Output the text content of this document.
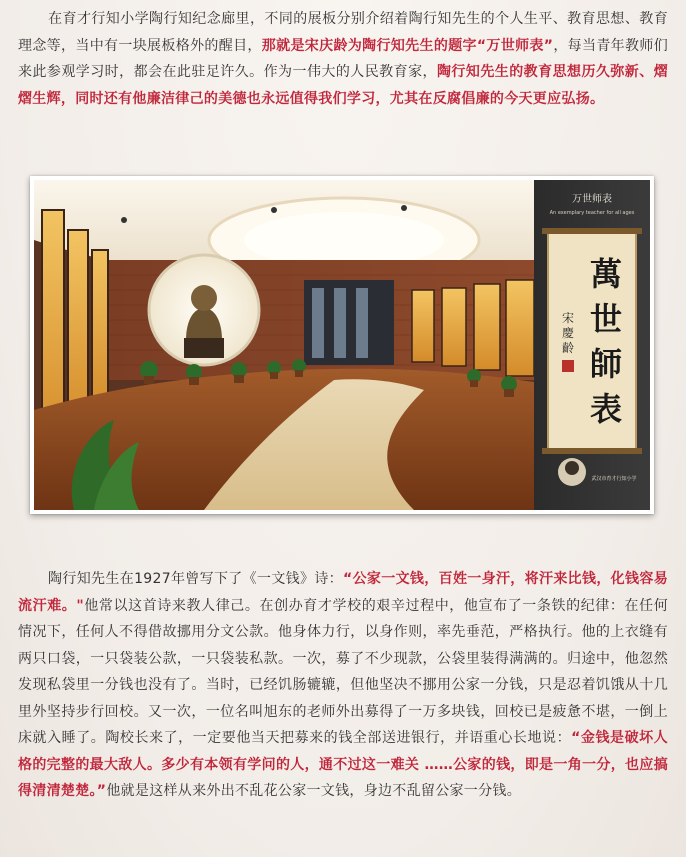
在育才行知小学陶行知纪念廊里，不同的展板分别介绍着陶行知先生的个人生平、教育思想、教育理念等，当中有一块展板格外的醒目，那就是宋庆龄为陶行知先生的题字“万世师表”，每当青年教师们来此参观学习时，都会在此驻足许久。作为一伟大的人民教育家，陶行知先生的教育思想历久弥新、熠熠生辉，同时还有他廉洁律己的美德也永远值得我们学习，尤其在反腐倡廉的今天更应弘扬。

万世师表
An exemplary teacher for all ages
萬
世
師
表
宋
慶
齡
武汉市育才行知小学

陶行知先生在1927年曾写下了《一文钱》诗：“公家一文钱，百姓一身汗，将汗来比钱，化钱容易流汗难。"他常以这首诗来教人律己。在创办育才学校的艰辛过程中，他宣布了一条铁的纪律：在任何情况下，任何人不得借故挪用分文公款。他身体力行，以身作则，率先垂范，严格执行。他的上衣缝有两只口袋，一只袋装公款，一只袋装私款。一次，募了不少现款，公袋里装得满满的。归途中，他忽然发现私袋里一分钱也没有了。当时，已经饥肠辘辘，但他坚决不挪用公家一分钱，只是忍着饥饿从十几里外坚持步行回校。又一次，一位名叫旭东的老师外出募得了一万多块钱，回校已是疲惫不堪，一倒上床就入睡了。陶校长来了，一定要他当天把募来的钱全部送进银行，并语重心长地说：“金钱是破坏人格的完整的最大敌人。多少有本领有学问的人，通不过这一难关 ……公家的钱，即是一角一分，也应搞得清清楚楚。”他就是这样从来外出不乱花公家一文钱，身边不乱留公家一分钱。
